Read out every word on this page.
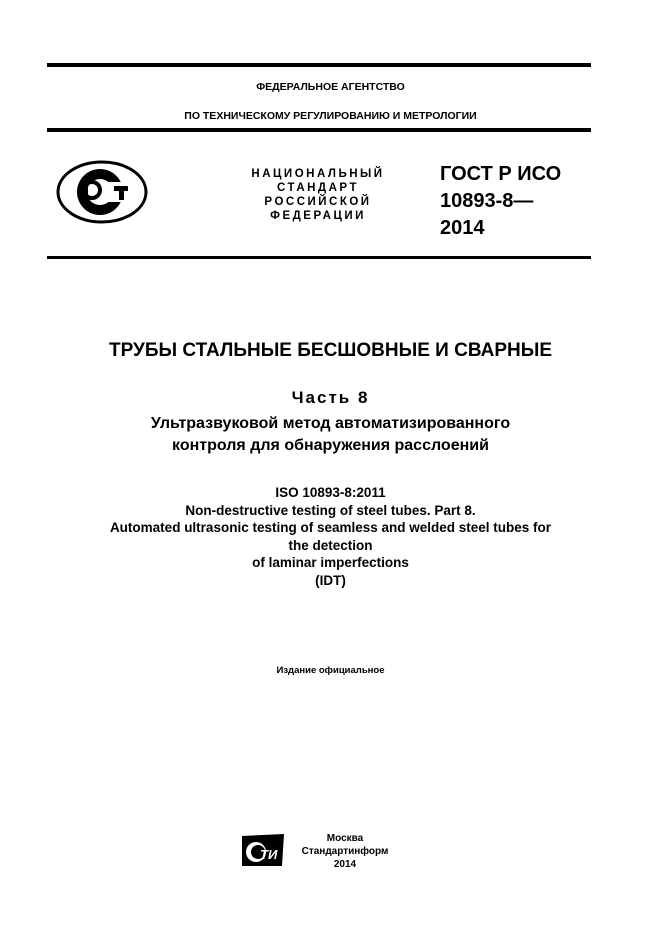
ФЕДЕРАЛЬНОЕ АГЕНТСТВО
ПО ТЕХНИЧЕСКОМУ РЕГУЛИРОВАНИЮ И МЕТРОЛОГИИ
НАЦИОНАЛЬНЫЙ
СТАНДАРТ
РОССИЙСКОЙ
ФЕДЕРАЦИИ
ГОСТ Р ИСО
10893-8—
2014
ТРУБЫ СТАЛЬНЫЕ БЕСШОВНЫЕ И СВАРНЫЕ
Часть 8
Ультразвуковой метод автоматизированного
контроля для обнаружения расслоений
ISO 10893-8:2011
Non-destructive testing of steel tubes. Part 8.
Automated ultrasonic testing of seamless and welded steel tubes for
the detection
of laminar imperfections
(IDT)
Издание официальное
ТИ
Москва
Стандартинформ
2014
